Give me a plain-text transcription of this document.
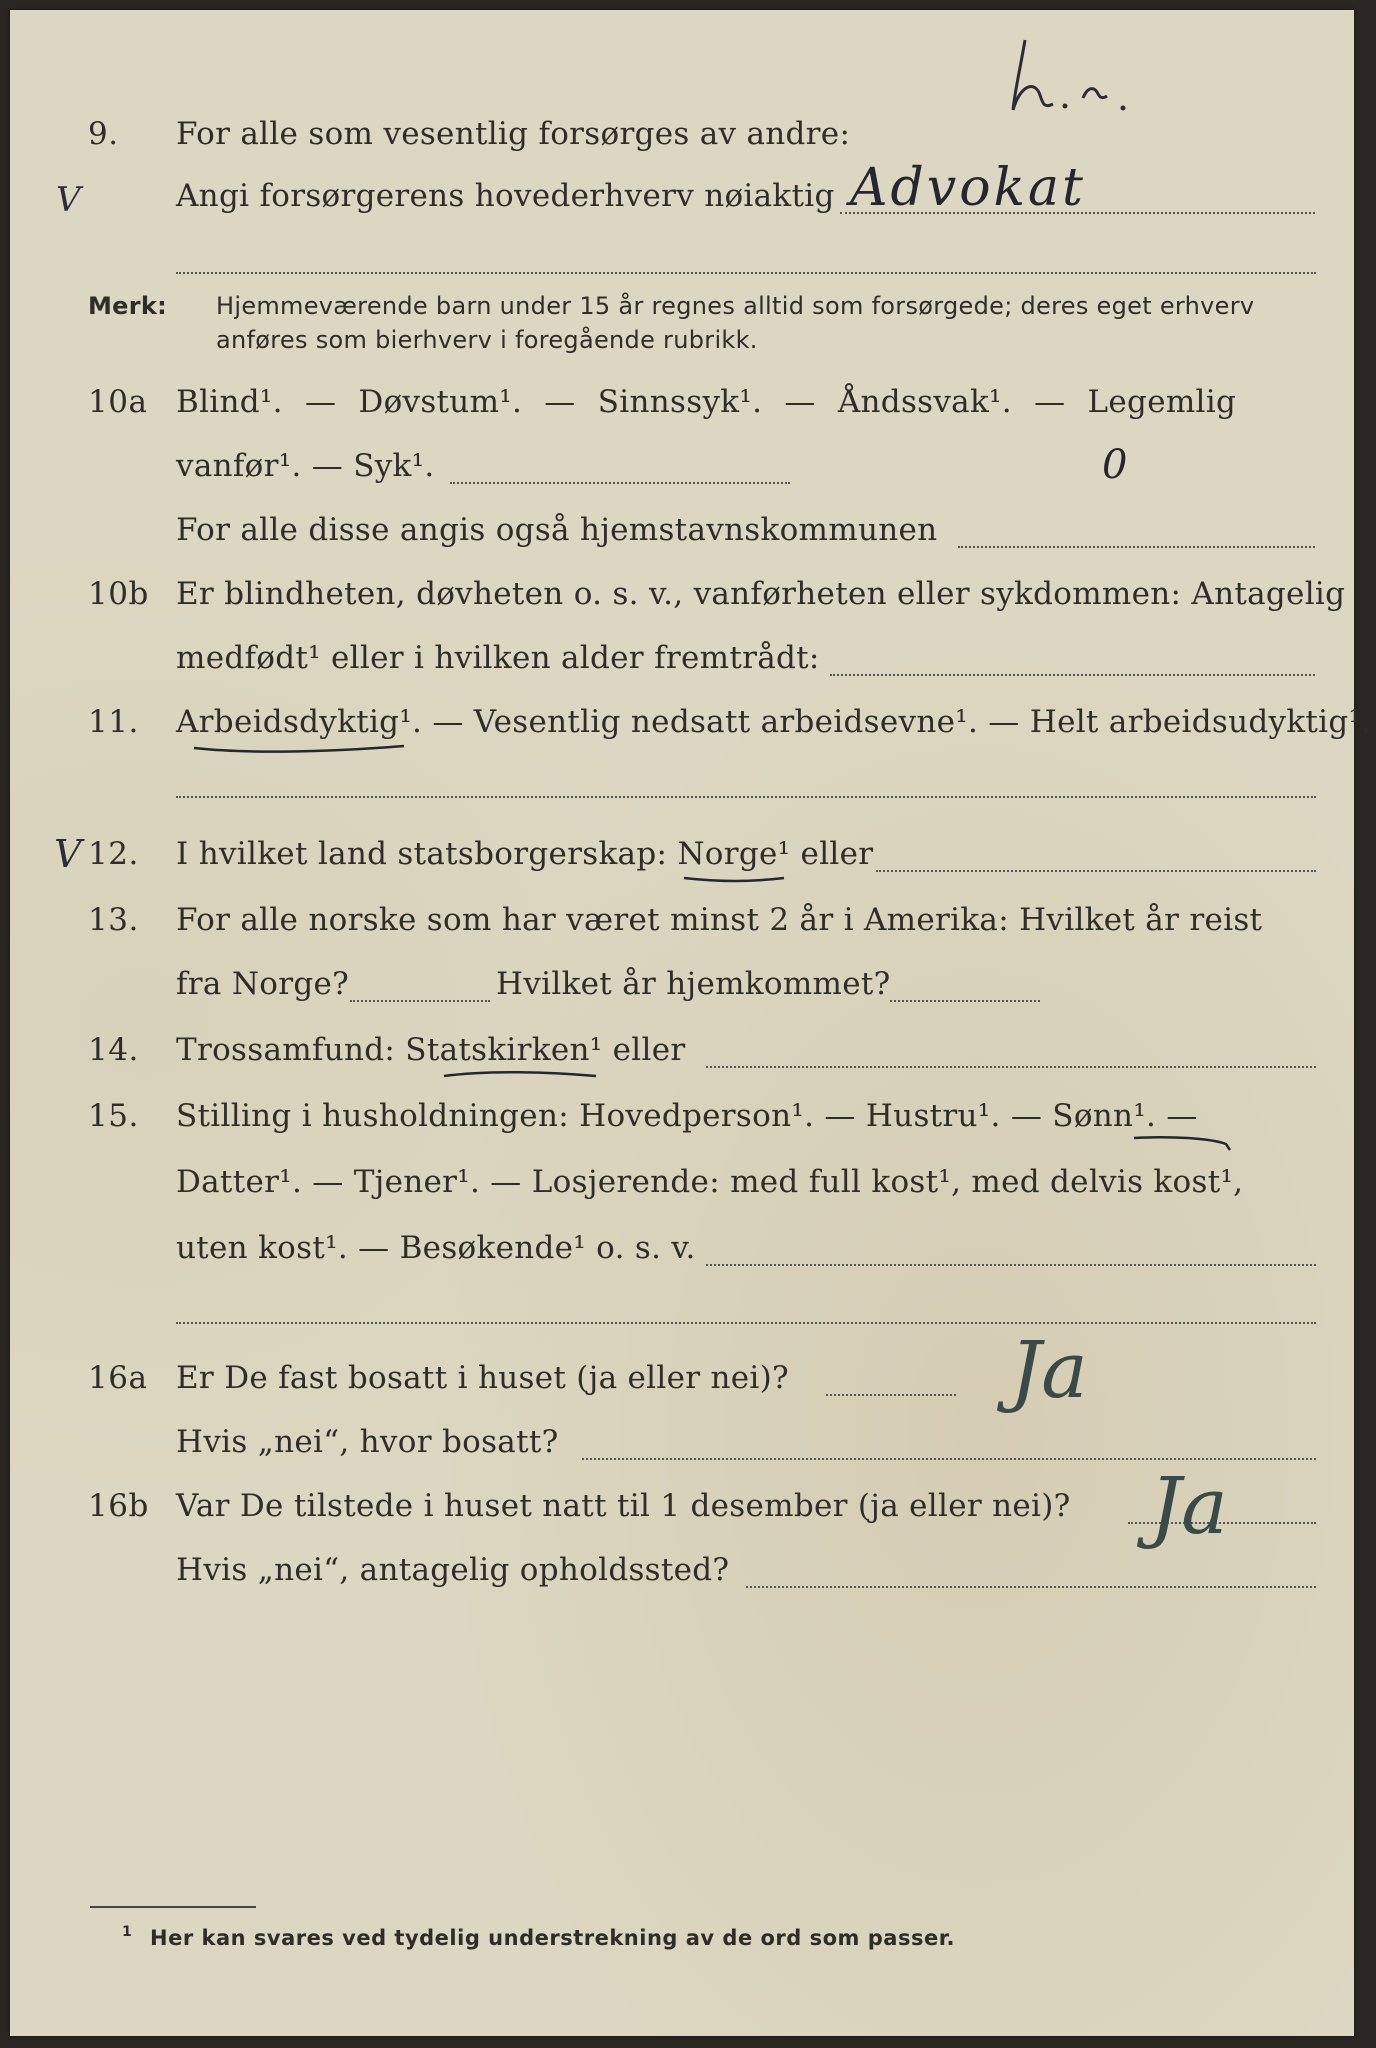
9. For alle som vesentlig forsørges av andre:
V	Angi forsørgerens hovederhverv nøiaktig Advokat
Merk: Hjemmeværende barn under 15 år regnes alltid som forsørgede; deres eget erhverv
anføres som bierhverv i foregående rubrikk.
10a Blind¹. — Døvstum¹. — Sinnssyk¹. — Åndssvak¹. — Legemlig
vanfør¹. — Syk¹.	0
For alle disse angis også hjemstavnskommunen
10b Er blindheten, døvheten o. s. v., vanførheten eller sykdommen: Antagelig
medfødt¹ eller i hvilken alder fremtrådt:
11. Arbeidsdyktig¹. — Vesentlig nedsatt arbeidsevne¹. — Helt arbeidsudyktig¹.
V 12. I hvilket land statsborgerskap: Norge¹ eller
13. For alle norske som har været minst 2 år i Amerika: Hvilket år reist
fra Norge?	Hvilket år hjemkommet?
14. Trossamfund: Statskirken¹ eller
15. Stilling i husholdningen: Hovedperson¹. — Hustru¹. — Sønn¹. —
Datter¹. — Tjener¹. — Losjerende: med full kost¹, med delvis kost¹,
uten kost¹. — Besøkende¹ o. s. v.
16a Er De fast bosatt i huset (ja eller nei)?	Ja
Hvis „nei“, hvor bosatt?
16b Var De tilstede i huset natt til 1 desember (ja eller nei)? Ja
Hvis „nei“, antagelig opholdssted?
1 Her kan svares ved tydelig understrekning av de ord som passer.
